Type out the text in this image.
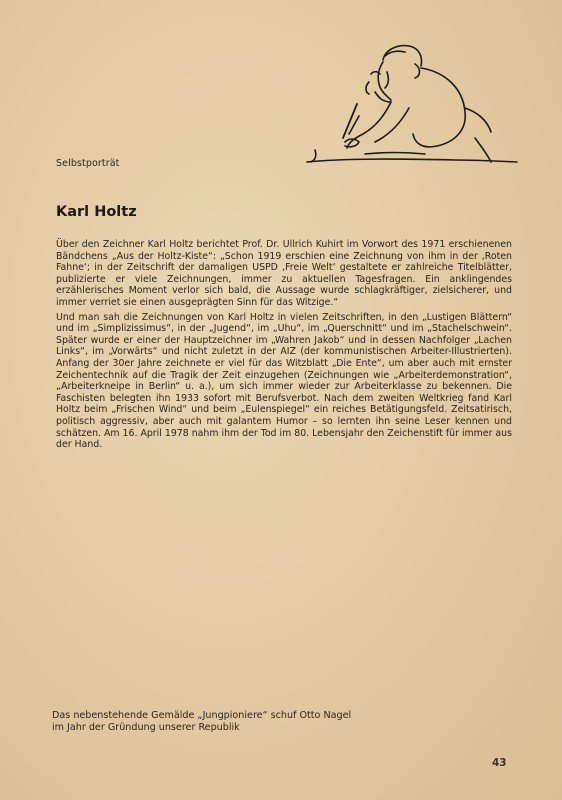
Selbstporträt
Karl Holtz

Über den Zeichner Karl Holtz berichtet Prof. Dr. Ullrich Kuhirt im Vorwort des 1971 erschienenen Bändchens „Aus der Holtz-Kiste“: „Schon 1919 erschien eine Zeichnung von ihm in der ‚Roten Fahne‘; in der Zeitschrift der damaligen USPD ‚Freie Welt‘ gestaltete er zahlreiche Titelblätter, publizierte er viele Zeichnungen, immer zu aktuellen Tagesfragen. Ein anklingendes erzählerisches Moment verlor sich bald, die Aussage wurde schlagkräftiger, zielsicherer, und immer verriet sie einen ausgeprägten Sinn für das Witzige.“

Und man sah die Zeichnungen von Karl Holtz in vielen Zeitschriften, in den „Lustigen Blättern“ und im „Simplizissimus“, in der „Jugend“, im „Uhu“, im „Querschnitt“ und im „Stachelschwein“. Später wurde er einer der Hauptzeichner im „Wahren Jakob“ und in dessen Nachfolger „Lachen Links“, im „Vorwärts“ und nicht zuletzt in der AIZ (der kommunistischen Arbeiter-Illustrierten). Anfang der 30er Jahre zeichnete er viel für das Witzblatt „Die Ente“, um aber auch mit ernster Zeichentechnik auf die Tragik der Zeit einzugehen (Zeichnungen wie „Arbeiterdemonstration“, „Arbeiterkneipe in Berlin“ u. a.), um sich immer wieder zur Arbeiterklasse zu bekennen. Die Faschisten belegten ihn 1933 sofort mit Berufsverbot. Nach dem zweiten Weltkrieg fand Karl Holtz beim „Frischen Wind“ und beim „Eulenspiegel“ ein reiches Betätigungsfeld. Zeitsatirisch, politisch aggressiv, aber auch mit galantem Humor – so lernten ihn seine Leser kennen und schätzen. Am 16. April 1978 nahm ihm der Tod im 80. Lebensjahr den Zeichenstift für immer aus der Hand.

Das nebenstehende Gemälde „Jungpioniere“ schuf Otto Nagel
im Jahr der Gründung unserer Republik
43
